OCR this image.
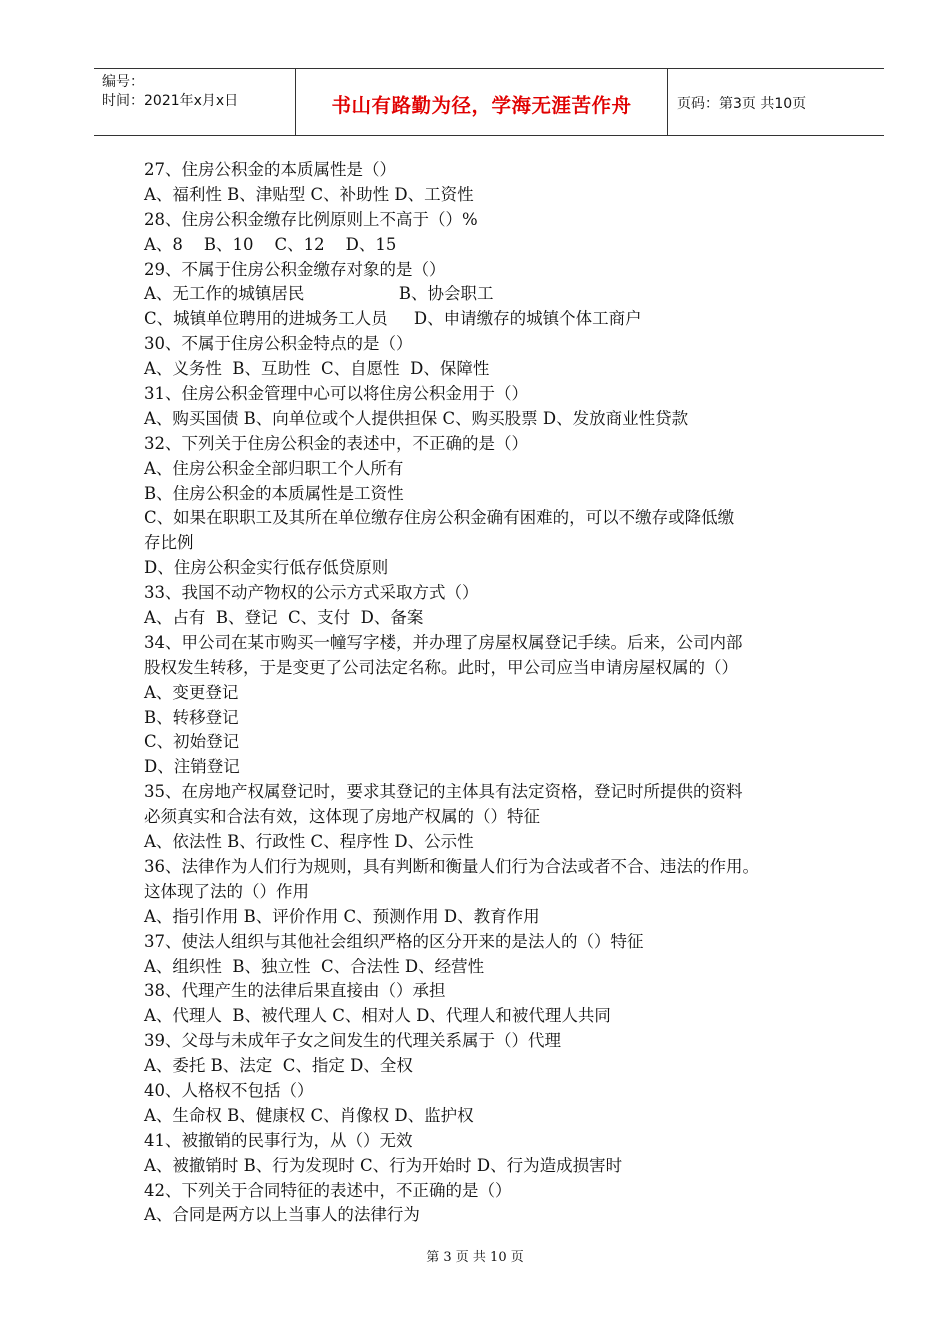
编号：
时间：2021年x月x日	书山有路勤为径，学海无涯苦作舟	页码：第3页 共10页
27、住房公积金的本质属性是（）
A、福利性 B、津贴型 C、补助性 D、工资性
28、住房公积金缴存比例原则上不高于（）%
A、8    B、10    C、12    D、15
29、不属于住房公积金缴存对象的是（）
A、无工作的城镇居民                  B、协会职工
C、城镇单位聘用的进城务工人员     D、申请缴存的城镇个体工商户
30、不属于住房公积金特点的是（）
A、义务性  B、互助性  C、自愿性  D、保障性
31、住房公积金管理中心可以将住房公积金用于（）
A、购买国债 B、向单位或个人提供担保 C、购买股票 D、发放商业性贷款
32、下列关于住房公积金的表述中，不正确的是（）
A、住房公积金全部归职工个人所有
B、住房公积金的本质属性是工资性
C、如果在职职工及其所在单位缴存住房公积金确有困难的，可以不缴存或降低缴
存比例
D、住房公积金实行低存低贷原则
33、我国不动产物权的公示方式采取方式（）
A、占有  B、登记  C、支付  D、备案
34、甲公司在某市购买一幢写字楼，并办理了房屋权属登记手续。后来，公司内部
股权发生转移，于是变更了公司法定名称。此时，甲公司应当申请房屋权属的（）
A、变更登记
B、转移登记
C、初始登记
D、注销登记
35、在房地产权属登记时，要求其登记的主体具有法定资格，登记时所提供的资料
必须真实和合法有效，这体现了房地产权属的（）特征
A、依法性 B、行政性 C、程序性 D、公示性
36、法律作为人们行为规则，具有判断和衡量人们行为合法或者不合、违法的作用。
这体现了法的（）作用
A、指引作用 B、评价作用 C、预测作用 D、教育作用
37、使法人组织与其他社会组织严格的区分开来的是法人的（）特征
A、组织性  B、独立性  C、合法性 D、经营性
38、代理产生的法律后果直接由（）承担
A、代理人  B、被代理人 C、相对人 D、代理人和被代理人共同
39、父母与未成年子女之间发生的代理关系属于（）代理
A、委托 B、法定  C、指定 D、全权
40、人格权不包括（）
A、生命权 B、健康权 C、肖像权 D、监护权
41、被撤销的民事行为，从（）无效
A、被撤销时 B、行为发现时 C、行为开始时 D、行为造成损害时
42、下列关于合同特征的表述中，不正确的是（）
A、合同是两方以上当事人的法律行为
第 3 页 共 10 页
